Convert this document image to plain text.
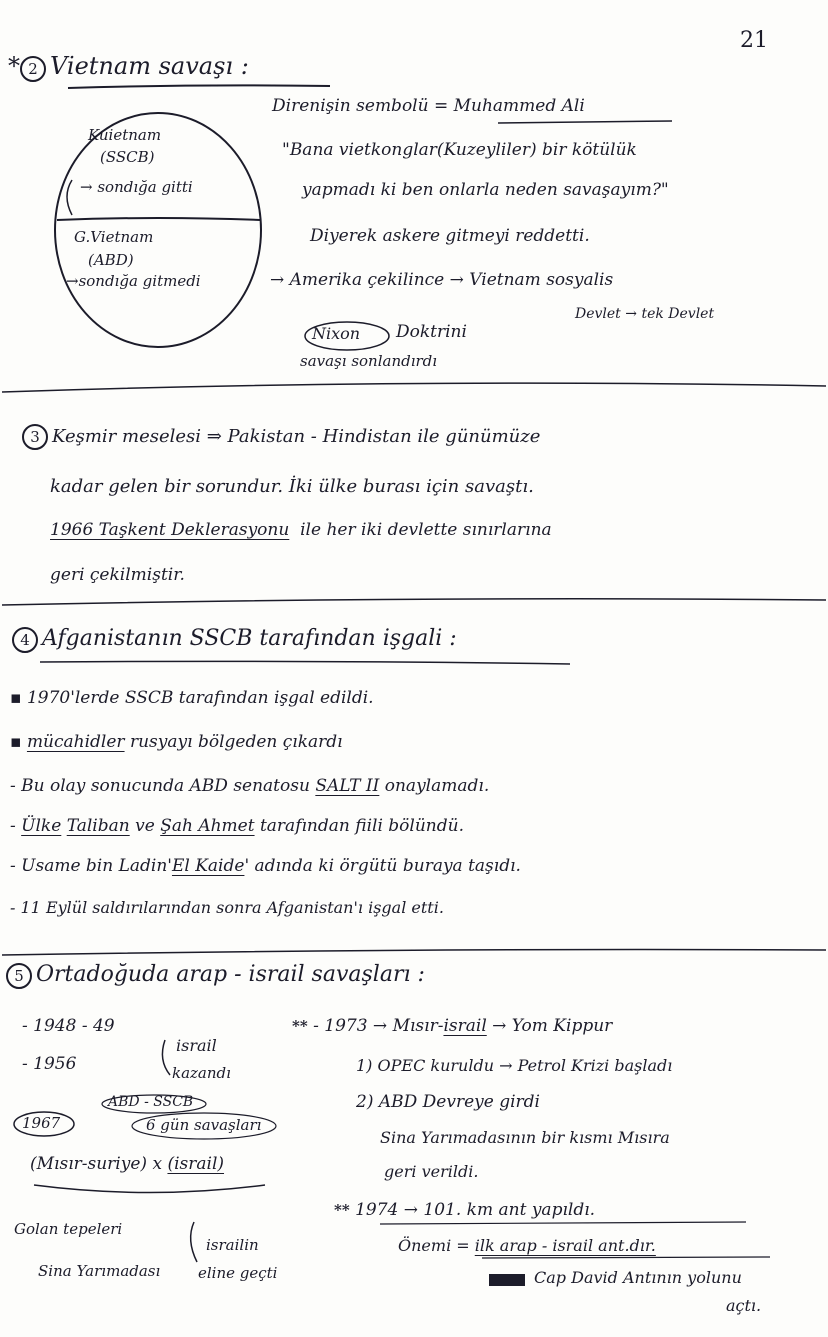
21
* 2 Vietnam savaşı :
Kuietnam
(SSCB)
→ sondığa gitti
G.Vietnam
(ABD)
→sondığa gitmedi
Direnişin sembolü = Muhammed Ali
"Bana vietkonglar(Kuzeyliler) bir kötülük
yapmadı ki ben onlarla neden savaşayım?"
Diyerek askere gitmeyi reddetti.
→ Amerika çekilince → Vietnam sosyalis
Devlet → tek Devlet
Nixon Doktrini
savaşı sonlandırdı
3 Keşmir meselesi ⇒ Pakistan - Hindistan ile günümüze
kadar gelen bir sorundur. İki ülke burası için savaştı.
1966 Taşkent Deklerasyonu ile her iki devlette sınırlarına
geri çekilmiştir.
4 Afganistanın SSCB tarafından işgali :
▪ 1970'lerde SSCB tarafından işgal edildi.
▪ mücahidler rusyayı bölgeden çıkardı
- Bu olay sonucunda ABD senatosu SALT II onaylamadı.
- Ülke Taliban ve Şah Ahmet tarafından fiili bölündü.
- Usame bin Ladin'El Kaide' adında ki örgütü buraya taşıdı.
- 11 Eylül saldırılarından sonra Afganistan'ı işgal etti.
5 Ortadoğuda arap - israil savaşları :
- 1948 - 49
- 1956
israil
kazandı
ABD - SSCB
1967	6 gün savaşları
(Mısır-suriye) x (israil)
Golan tepeleri
Sina Yarımadası
israilin
eline geçti
** - 1973 → Mısır-israil → Yom Kippur
1) OPEC kuruldu → Petrol Krizi başladı
2) ABD Devreye girdi
Sina Yarımadasının bir kısmı Mısıra
geri verildi.
** 1974 → 101. km ant yapıldı.
Önemi = ilk arap - israil ant.dır.
Cap David Antının yolunu
açtı.
